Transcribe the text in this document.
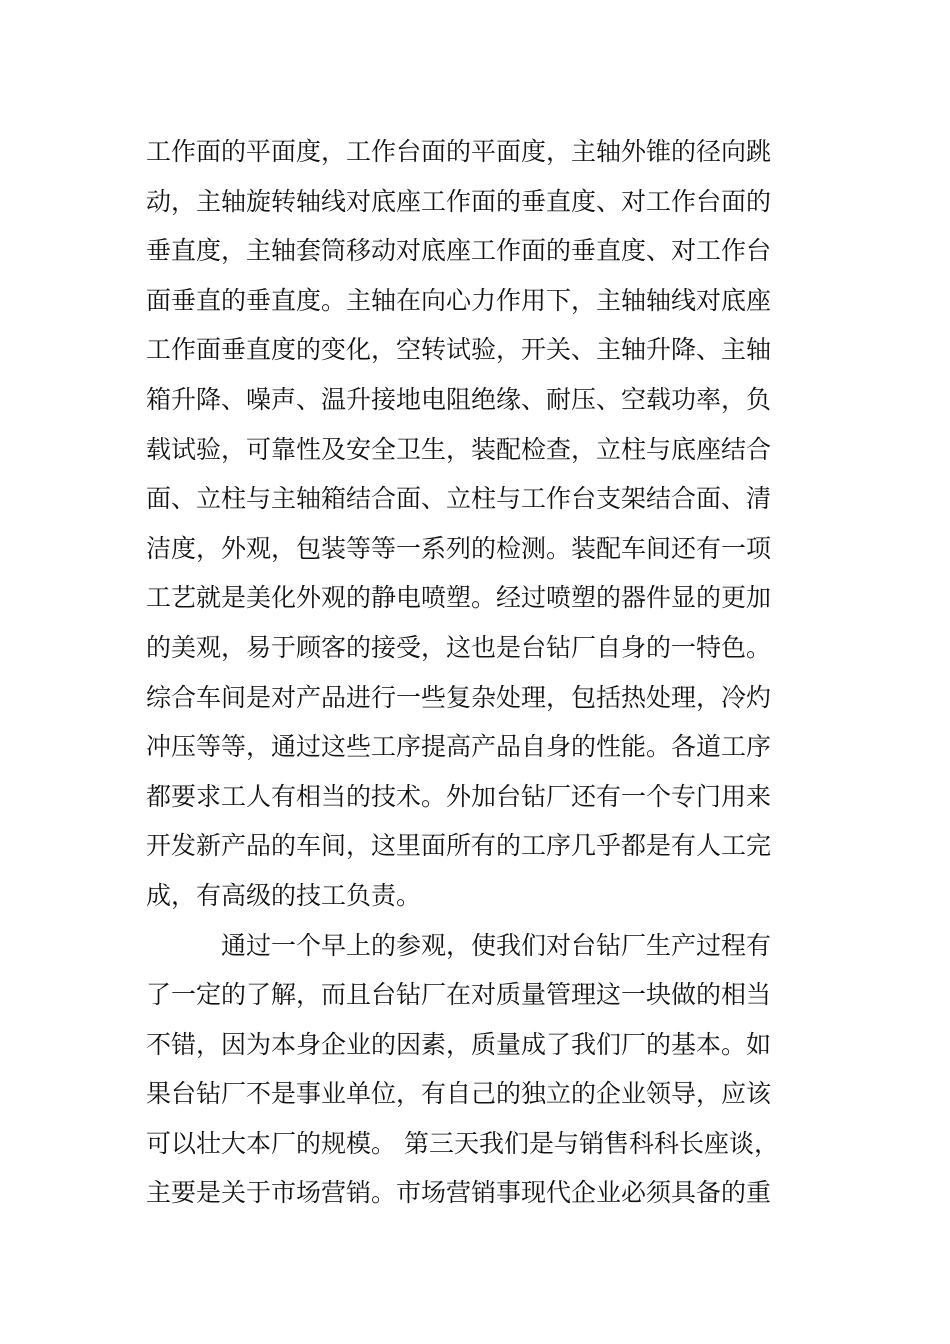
工作面的平面度，工作台面的平面度，主轴外锥的径向跳
动，主轴旋转轴线对底座工作面的垂直度、对工作台面的
垂直度，主轴套筒移动对底座工作面的垂直度、对工作台
面垂直的垂直度。主轴在向心力作用下，主轴轴线对底座
工作面垂直度的变化，空转试验，开关、主轴升降、主轴
箱升降、噪声、温升接地电阻绝缘、耐压、空载功率，负
载试验，可靠性及安全卫生，装配检查，立柱与底座结合
面、立柱与主轴箱结合面、立柱与工作台支架结合面、清
洁度，外观，包装等等一系列的检测。装配车间还有一项
工艺就是美化外观的静电喷塑。经过喷塑的器件显的更加
的美观，易于顾客的接受，这也是台钻厂自身的一特色。
综合车间是对产品进行一些复杂处理，包括热处理，冷灼
冲压等等，通过这些工序提高产品自身的性能。各道工序
都要求工人有相当的技术。外加台钻厂还有一个专门用来
开发新产品的车间，这里面所有的工序几乎都是有人工完
成，有高级的技工负责。
通过一个早上的参观，使我们对台钻厂生产过程有
了一定的了解，而且台钻厂在对质量管理这一块做的相当
不错，因为本身企业的因素，质量成了我们厂的基本。如
果台钻厂不是事业单位，有自己的独立的企业领导，应该
可以壮大本厂的规模。 第三天我们是与销售科科长座谈，
主要是关于市场营销。市场营销事现代企业必须具备的重
